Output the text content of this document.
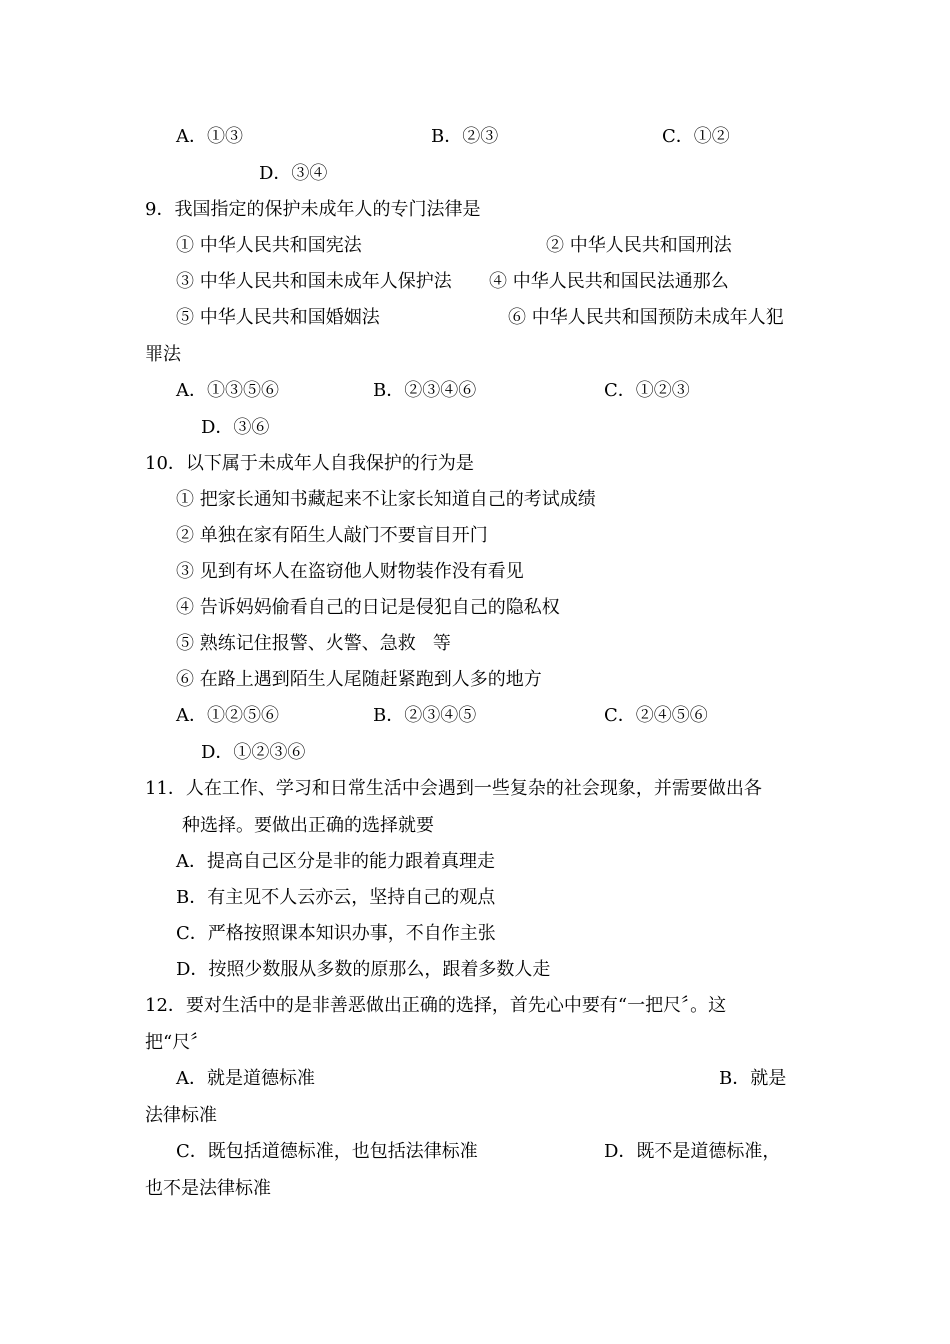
A．①③	B．②③	C．①②
D．③④
9．我国指定的保护未成年人的专门法律是
① 中华人民共和国宪法	② 中华人民共和国刑法
③ 中华人民共和国未成年人保护法 ④ 中华人民共和国民法通那么
⑤ 中华人民共和国婚姻法	⑥ 中华人民共和国预防未成年人犯
罪法
A．①③⑤⑥	B．②③④⑥	C．①②③
D．③⑥
10．以下属于未成年人自我保护的行为是
① 把家长通知书藏起来不让家长知道自己的考试成绩
② 单独在家有陌生人敲门不要盲目开门
③ 见到有坏人在盗窃他人财物装作没有看见
④ 告诉妈妈偷看自己的日记是侵犯自己的隐私权
⑤ 熟练记住报警、火警、急救   等
⑥ 在路上遇到陌生人尾随赶紧跑到人多的地方
A．①②⑤⑥	B．②③④⑤	C．②④⑤⑥
D．①②③⑥
11．人在工作、学习和日常生活中会遇到一些复杂的社会现象，并需要做出各
种选择。要做出正确的选择就要
A．提高自己区分是非的能力跟着真理走
B．有主见不人云亦云，坚持自己的观点
C．严格按照课本知识办事，不自作主张
D．按照少数服从多数的原那么，跟着多数人走
12．要对生活中的是非善恶做出正确的选择，首先心中要有“一把尺〞。这
把“尺〞
A．就是道德标准	B．就是
法律标准
C．既包括道德标准，也包括法律标准	D．既不是道德标准，
也不是法律标准
